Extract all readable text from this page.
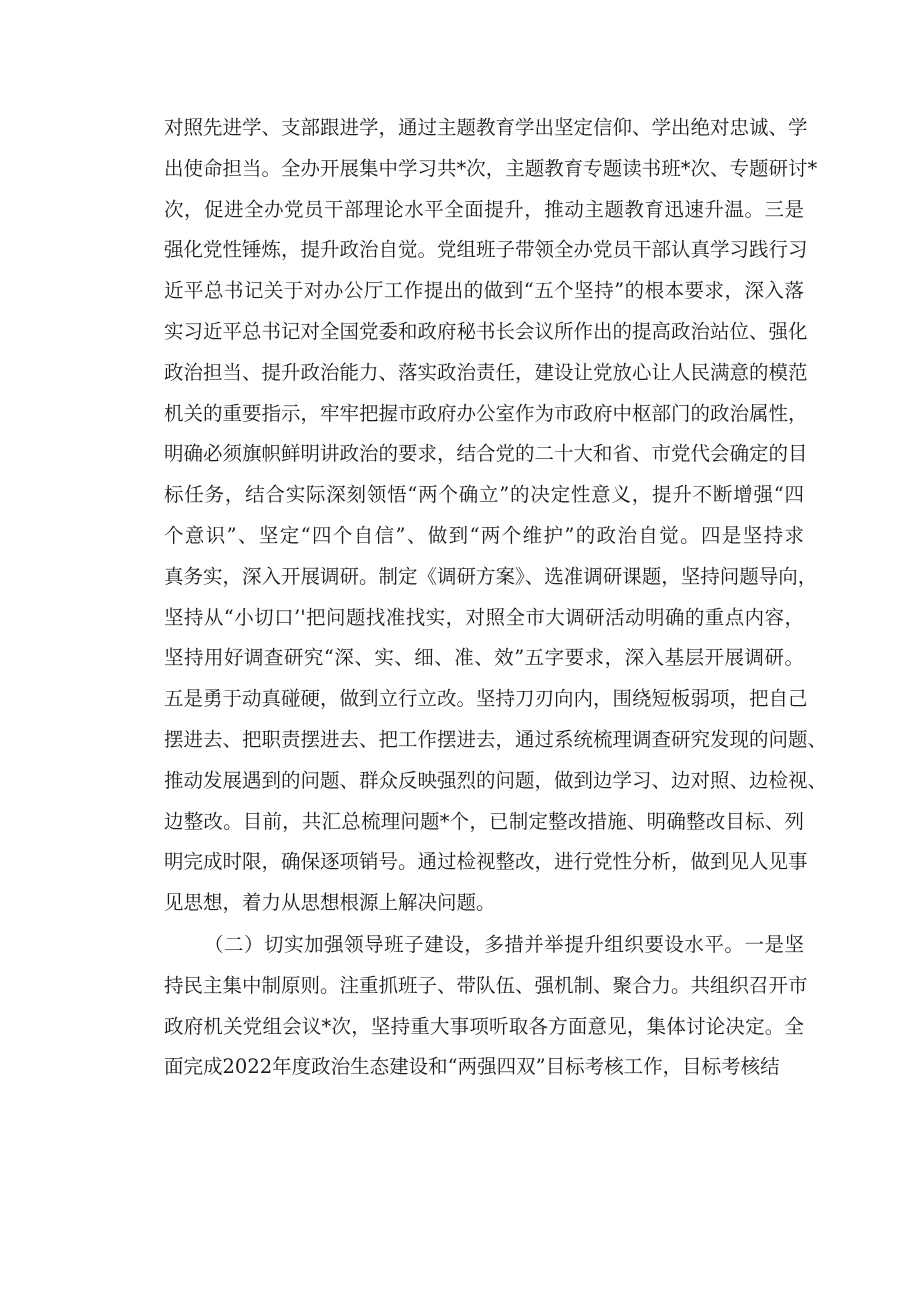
对照先进学、支部跟进学，通过主题教育学出坚定信仰、学出绝对忠诚、学
出使命担当。全办开展集中学习共*次，主题教育专题读书班*次、专题研讨*
次，促进全办党员干部理论水平全面提升，推动主题教育迅速升温。三是
强化党性锤炼，提升政治自觉。党组班子带领全办党员干部认真学习践行习
近平总书记关于对办公厅工作提出的做到“五个坚持”的根本要求，深入落
实习近平总书记对全国党委和政府秘书长会议所作出的提高政治站位、强化
政治担当、提升政治能力、落实政治责任，建设让党放心让人民满意的模范
机关的重要指示，牢牢把握市政府办公室作为市政府中枢部门的政治属性，
明确必须旗帜鲜明讲政治的要求，结合党的二十大和省、市党代会确定的目
标任务，结合实际深刻领悟“两个确立”的决定性意义，提升不断增强“四
个意识”、坚定“四个自信”、做到“两个维护”的政治自觉。四是坚持求
真务实，深入开展调研。制定《调研方案》、选准调研课题，坚持问题导向，
坚持从“小切口’'把问题找准找实，对照全市大调研活动明确的重点内容，
坚持用好调查研究“深、实、细、准、效”五字要求，深入基层开展调研。
五是勇于动真碰硬，做到立行立改。坚持刀刃向内，围绕短板弱项，把自己
摆进去、把职责摆进去、把工作摆进去，通过系统梳理调查研究发现的问题、
推动发展遇到的问题、群众反映强烈的问题，做到边学习、边对照、边检视、
边整改。目前，共汇总梳理问题*个，已制定整改措施、明确整改目标、列
明完成时限，确保逐项销号。通过检视整改，进行党性分析，做到见人见事
见思想，着力从思想根源上解决问题。
（二）切实加强领导班子建设，多措并举提升组织要设水平。一是坚
持民主集中制原则。注重抓班子、带队伍、强机制、聚合力。共组织召开市
政府机关党组会议*次，坚持重大事项听取各方面意见，集体讨论决定。全
面完成2022年度政治生态建设和“两强四双”目标考核工作，目标考核结
